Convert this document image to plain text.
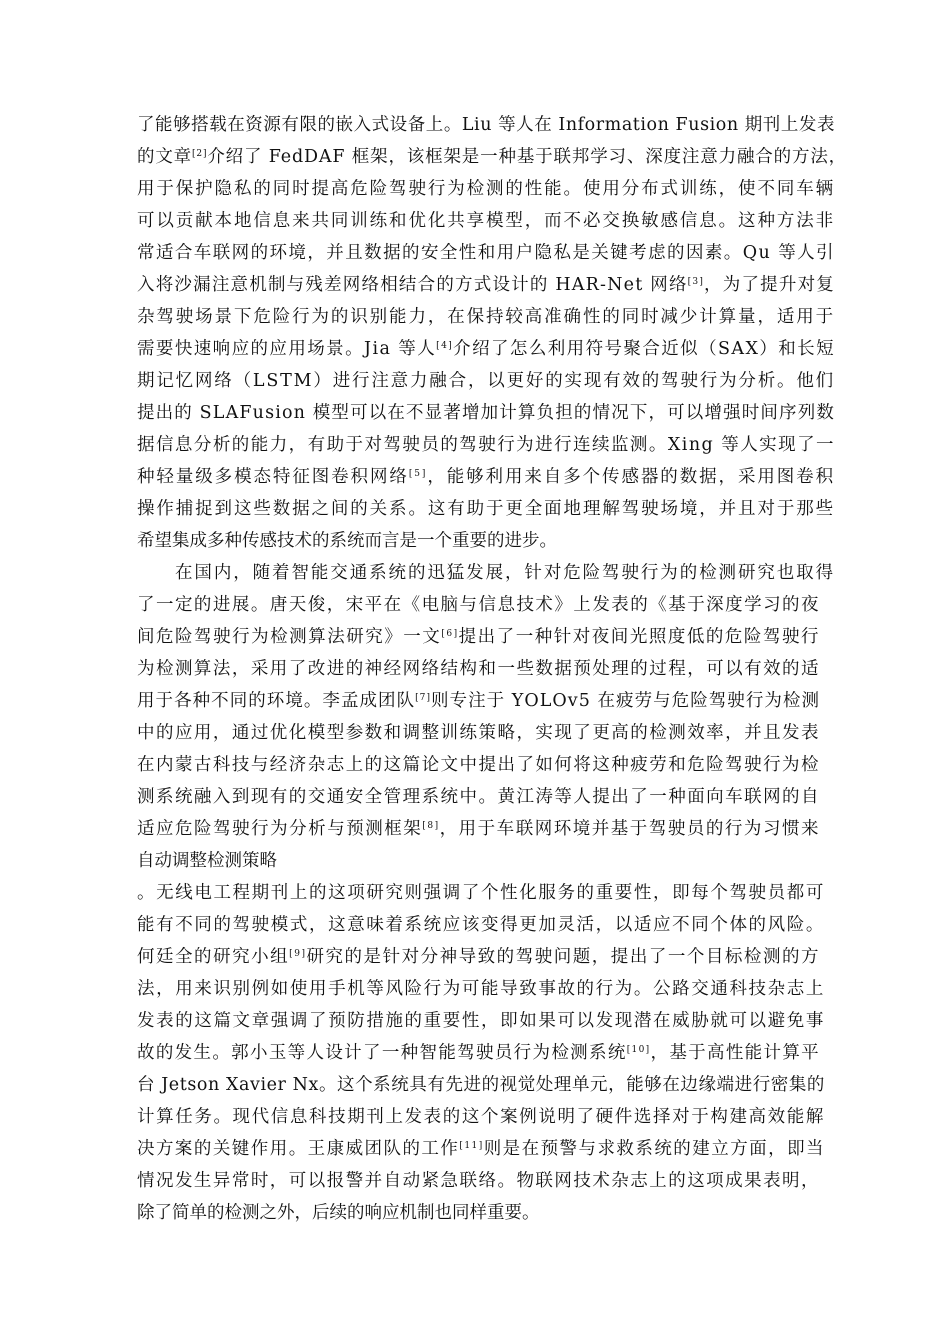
了能够搭载在资源有限的嵌入式设备上。Liu 等人在 Information Fusion 期刊上发表
的文章[2]介绍了 FedDAF 框架，该框架是一种基于联邦学习、深度注意力融合的方法，
用于保护隐私的同时提高危险驾驶行为检测的性能。使用分布式训练，使不同车辆
可以贡献本地信息来共同训练和优化共享模型，而不必交换敏感信息。这种方法非
常适合车联网的环境，并且数据的安全性和用户隐私是关键考虑的因素。Qu 等人引
入将沙漏注意机制与残差网络相结合的方式设计的 HAR-Net 网络[3]，为了提升对复
杂驾驶场景下危险行为的识别能力，在保持较高准确性的同时减少计算量，适用于
需要快速响应的应用场景。Jia 等人[4]介绍了怎么利用符号聚合近似（SAX）和长短
期记忆网络（LSTM）进行注意力融合，以更好的实现有效的驾驶行为分析。他们
提出的 SLAFusion 模型可以在不显著增加计算负担的情况下，可以增强时间序列数
据信息分析的能力，有助于对驾驶员的驾驶行为进行连续监测。Xing 等人实现了一
种轻量级多模态特征图卷积网络[5]，能够利用来自多个传感器的数据，采用图卷积
操作捕捉到这些数据之间的关系。这有助于更全面地理解驾驶场境，并且对于那些
希望集成多种传感技术的系统而言是一个重要的进步。
在国内，随着智能交通系统的迅猛发展，针对危险驾驶行为的检测研究也取得
了一定的进展。唐天俊，宋平在《电脑与信息技术》上发表的《基于深度学习的夜
间危险驾驶行为检测算法研究》一文[6]提出了一种针对夜间光照度低的危险驾驶行
为检测算法，采用了改进的神经网络结构和一些数据预处理的过程，可以有效的适
用于各种不同的环境。李孟成团队[7]则专注于 YOLOv5 在疲劳与危险驾驶行为检测
中的应用，通过优化模型参数和调整训练策略，实现了更高的检测效率，并且发表
在内蒙古科技与经济杂志上的这篇论文中提出了如何将这种疲劳和危险驾驶行为检
测系统融入到现有的交通安全管理系统中。黄江涛等人提出了一种面向车联网的自
适应危险驾驶行为分析与预测框架[8]，用于车联网环境并基于驾驶员的行为习惯来
自动调整检测策略
。无线电工程期刊上的这项研究则强调了个性化服务的重要性，即每个驾驶员都可
能有不同的驾驶模式，这意味着系统应该变得更加灵活，以适应不同个体的风险。
何廷全的研究小组[9]研究的是针对分神导致的驾驶问题，提出了一个目标检测的方
法，用来识别例如使用手机等风险行为可能导致事故的行为。公路交通科技杂志上
发表的这篇文章强调了预防措施的重要性，即如果可以发现潜在威胁就可以避免事
故的发生。郭小玉等人设计了一种智能驾驶员行为检测系统[10]，基于高性能计算平
台 Jetson Xavier Nx。这个系统具有先进的视觉处理单元，能够在边缘端进行密集的
计算任务。现代信息科技期刊上发表的这个案例说明了硬件选择对于构建高效能解
决方案的关键作用。王康威团队的工作[11]则是在预警与求救系统的建立方面，即当
情况发生异常时，可以报警并自动紧急联络。物联网技术杂志上的这项成果表明，
除了简单的检测之外，后续的响应机制也同样重要。
